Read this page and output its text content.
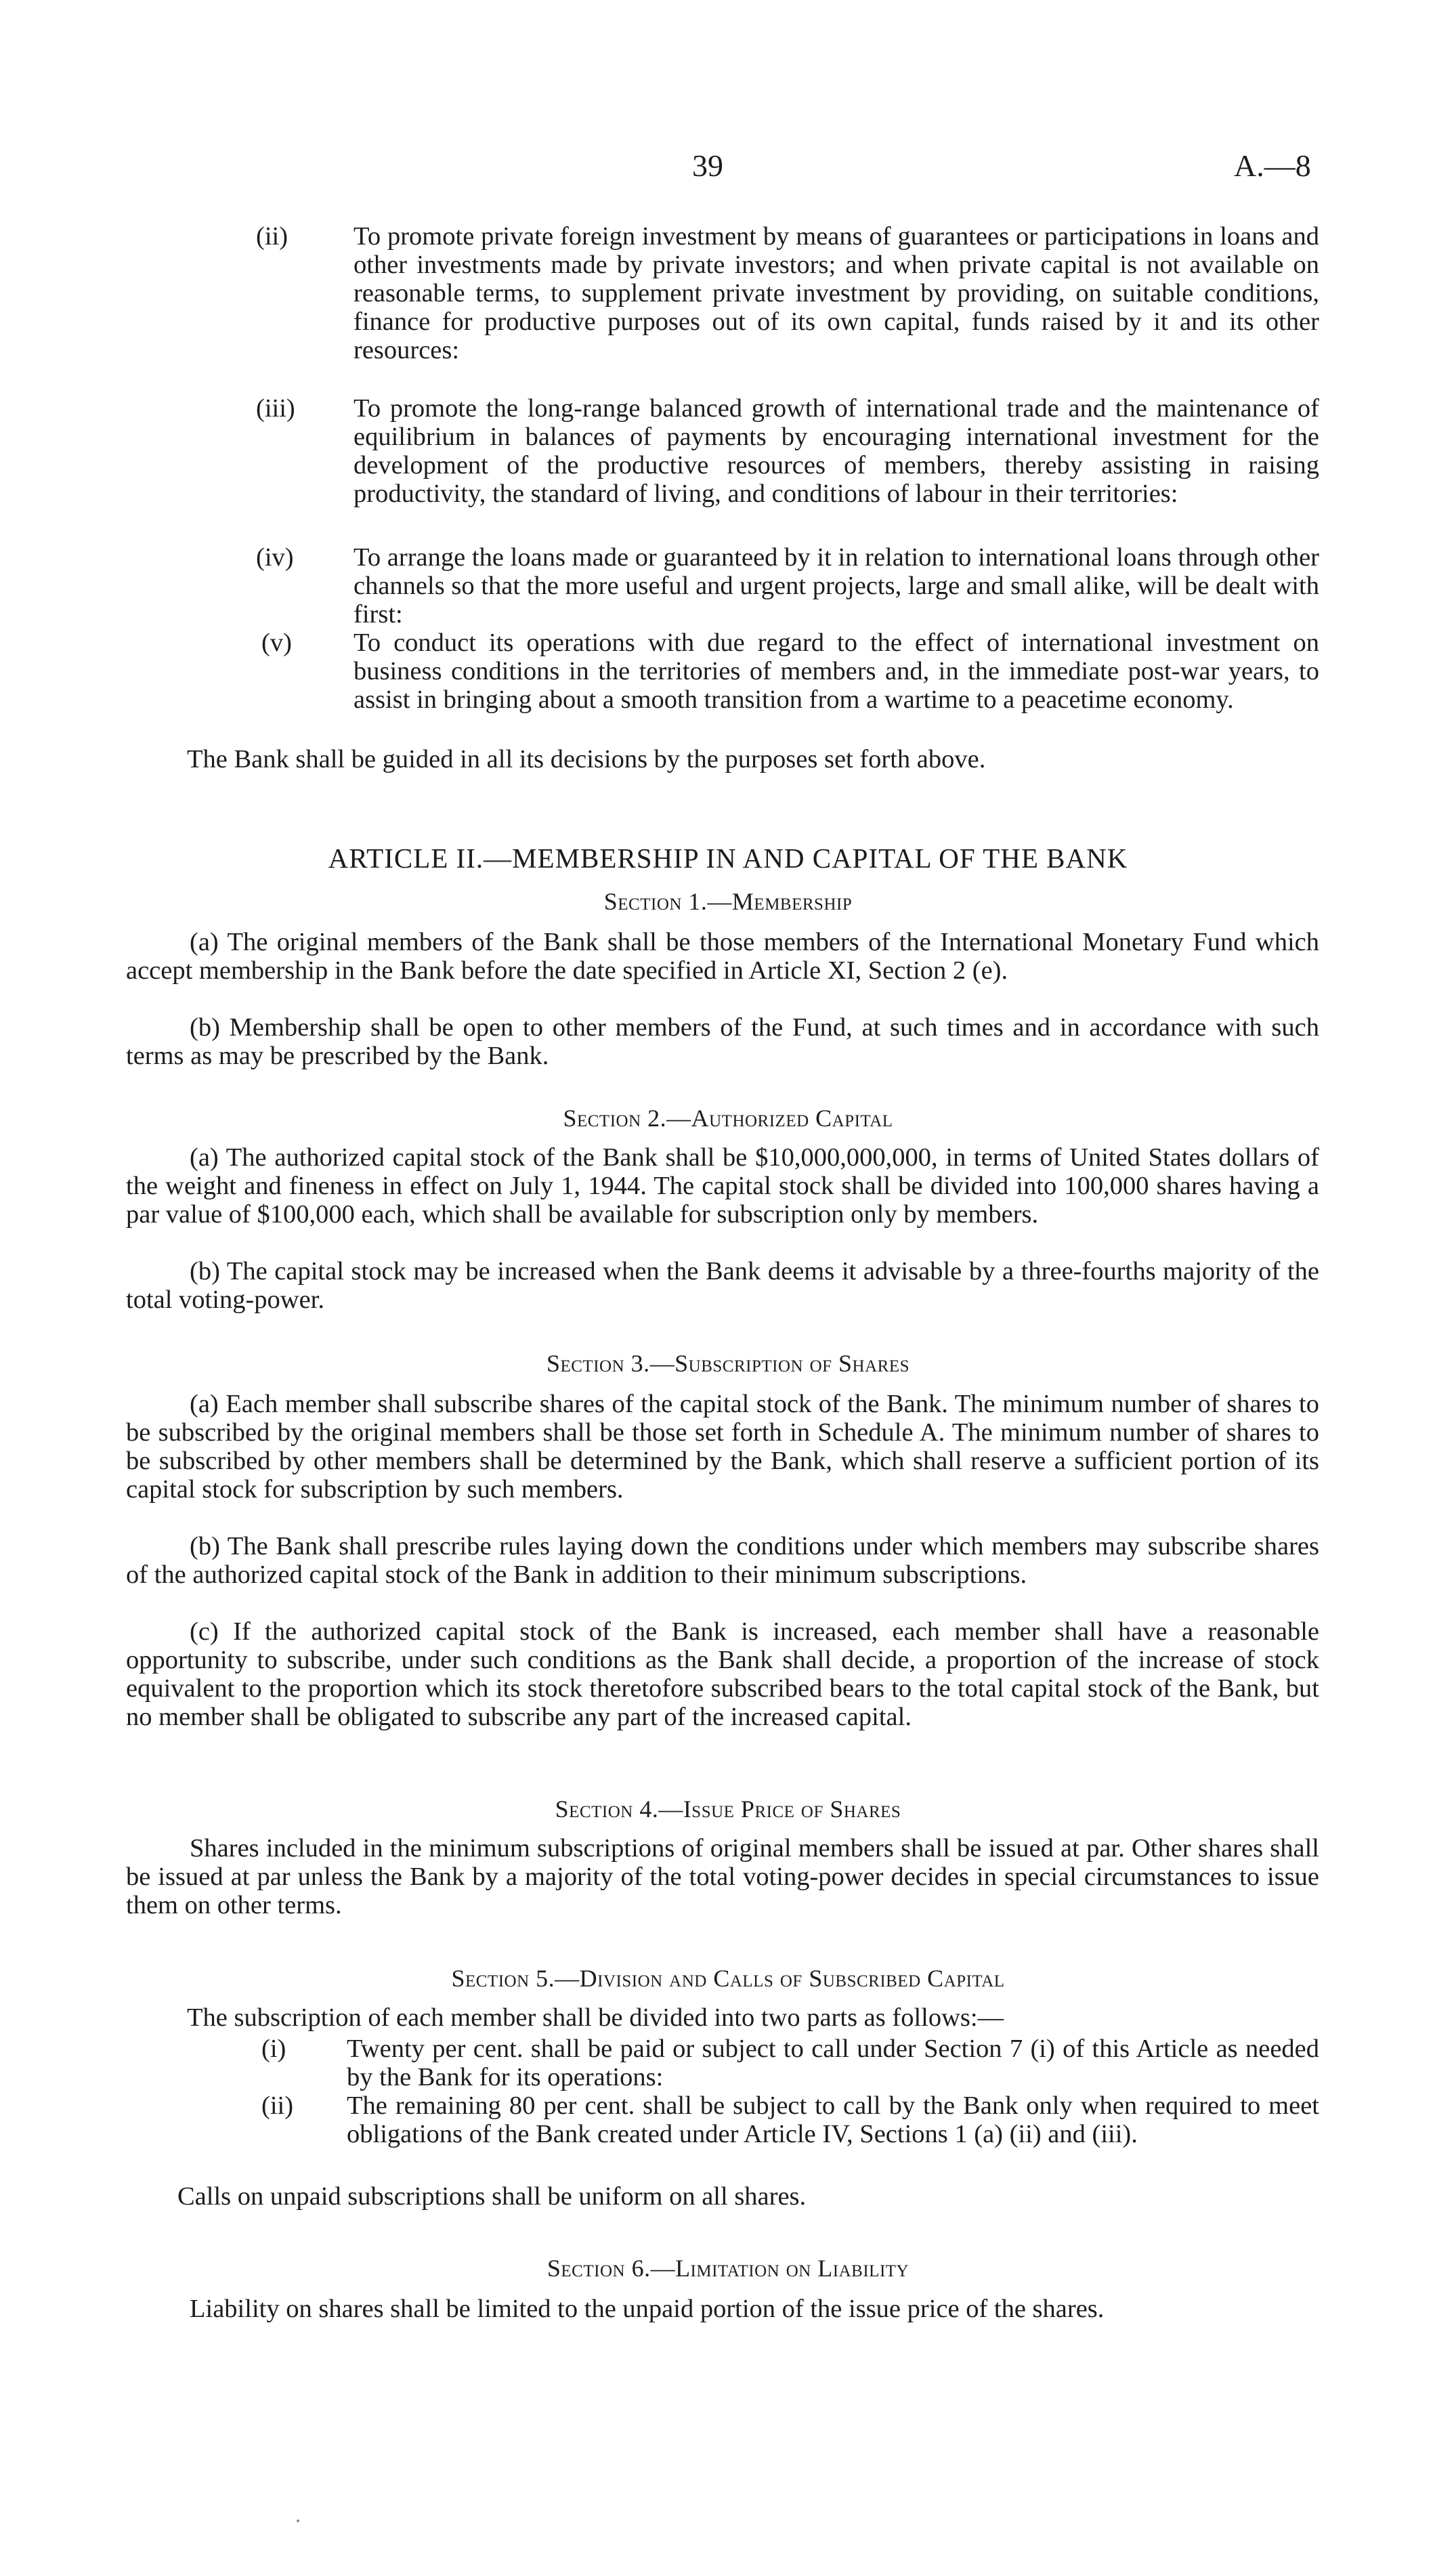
39	A.—8
(ii)	To promote private foreign investment by means of guarantees or participations in loans and other investments made by private investors; and when private capital is not available on reasonable terms, to supplement private investment by providing, on suitable conditions, finance for productive purposes out of its own capital, funds raised by it and its other resources:
(iii)	To promote the long-range balanced growth of international trade and the maintenance of equilibrium in balances of payments by encouraging international investment for the development of the productive resources of members, thereby assisting in raising productivity, the standard of living, and conditions of labour in their territories:
(iv)	To arrange the loans made or guaranteed by it in relation to international loans through other channels so that the more useful and urgent projects, large and small alike, will be dealt with first:
(v)	To conduct its operations with due regard to the effect of international investment on business conditions in the territories of members and, in the immediate post-war years, to assist in bringing about a smooth transition from a wartime to a peacetime economy.
The Bank shall be guided in all its decisions by the purposes set forth above.
ARTICLE II.—MEMBERSHIP IN AND CAPITAL OF THE BANK
Section 1.—Membership
(a) The original members of the Bank shall be those members of the International Monetary Fund which accept membership in the Bank before the date specified in Article XI, Section 2 (e).
(b) Membership shall be open to other members of the Fund, at such times and in accordance with such terms as may be prescribed by the Bank.
Section 2.—Authorized Capital
(a) The authorized capital stock of the Bank shall be $10,000,000,000, in terms of United States dollars of the weight and fineness in effect on July 1, 1944. The capital stock shall be divided into 100,000 shares having a par value of $100,000 each, which shall be available for subscription only by members.
(b) The capital stock may be increased when the Bank deems it advisable by a three-fourths majority of the total voting-power.
Section 3.—Subscription of Shares
(a) Each member shall subscribe shares of the capital stock of the Bank. The minimum number of shares to be subscribed by the original members shall be those set forth in Schedule A. The minimum number of shares to be subscribed by other members shall be determined by the Bank, which shall reserve a sufficient portion of its capital stock for subscription by such members.
(b) The Bank shall prescribe rules laying down the conditions under which members may subscribe shares of the authorized capital stock of the Bank in addition to their minimum subscriptions.
(c) If the authorized capital stock of the Bank is increased, each member shall have a reasonable opportunity to subscribe, under such conditions as the Bank shall decide, a proportion of the increase of stock equivalent to the proportion which its stock theretofore subscribed bears to the total capital stock of the Bank, but no member shall be obligated to subscribe any part of the increased capital.
Section 4.—Issue Price of Shares
Shares included in the minimum subscriptions of original members shall be issued at par. Other shares shall be issued at par unless the Bank by a majority of the total voting-power decides in special circumstances to issue them on other terms.
Section 5.—Division and Calls of Subscribed Capital
The subscription of each member shall be divided into two parts as follows:—
(i)	Twenty per cent. shall be paid or subject to call under Section 7 (i) of this Article as needed by the Bank for its operations:
(ii)	The remaining 80 per cent. shall be subject to call by the Bank only when required to meet obligations of the Bank created under Article IV, Sections 1 (a) (ii) and (iii).
Calls on unpaid subscriptions shall be uniform on all shares.
Section 6.—Limitation on Liability
Liability on shares shall be limited to the unpaid portion of the issue price of the shares.
